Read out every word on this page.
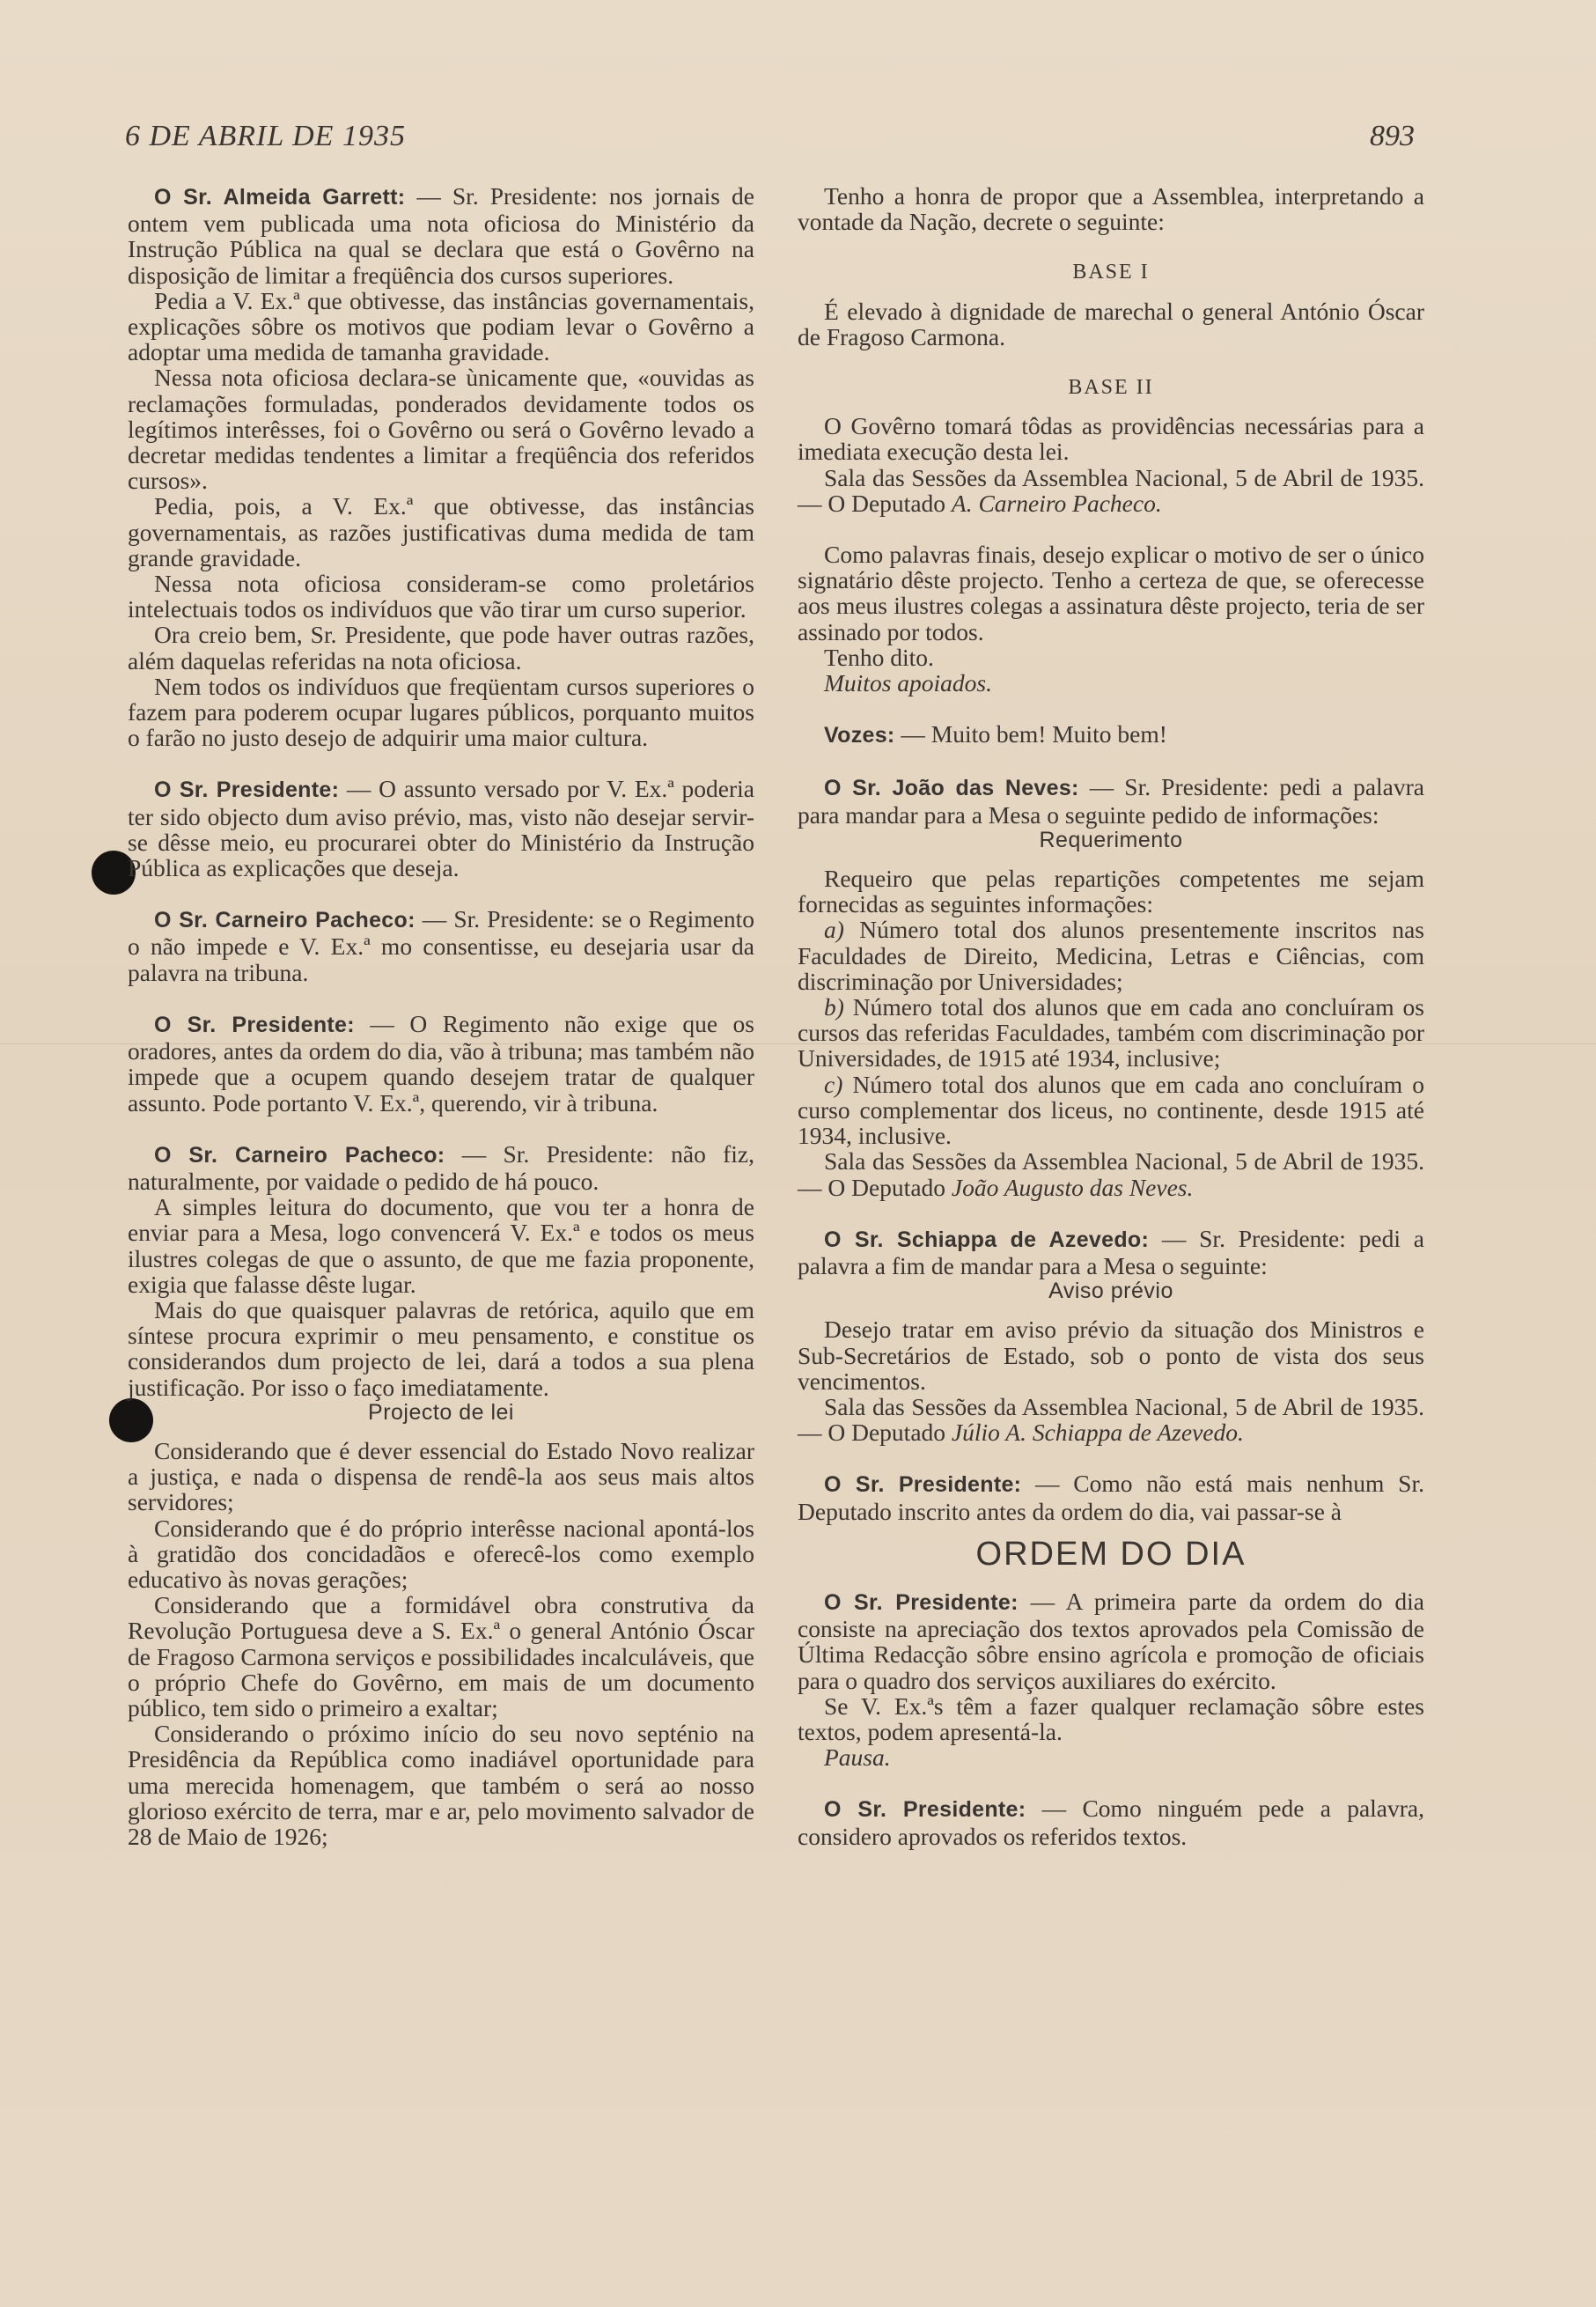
6 DE ABRIL DE 1935	893

O Sr. Almeida Garrett: — Sr. Presidente: nos jornais de ontem vem publicada uma nota oficiosa do Ministério da Instrução Pública na qual se declara que está o Govêrno na disposição de limitar a freqüência dos cursos superiores.

Pedia a V. Ex.ª que obtivesse, das instâncias governamentais, explicações sôbre os motivos que podiam levar o Govêrno a adoptar uma medida de tamanha gravidade.

Nessa nota oficiosa declara-se ùnicamente que, «ouvidas as reclamações formuladas, ponderados devidamente todos os legítimos interêsses, foi o Govêrno ou será o Govêrno levado a decretar medidas tendentes a limitar a freqüência dos referidos cursos».

Pedia, pois, a V. Ex.ª que obtivesse, das instâncias governamentais, as razões justificativas duma medida de tam grande gravidade.

Nessa nota oficiosa consideram-se como proletários intelectuais todos os indivíduos que vão tirar um curso superior.

Ora creio bem, Sr. Presidente, que pode haver outras razões, além daquelas referidas na nota oficiosa.

Nem todos os indivíduos que freqüentam cursos superiores o fazem para poderem ocupar lugares públicos, porquanto muitos o farão no justo desejo de adquirir uma maior cultura.

O Sr. Presidente: — O assunto versado por V. Ex.ª poderia ter sido objecto dum aviso prévio, mas, visto não desejar servir-se dêsse meio, eu procurarei obter do Ministério da Instrução Pública as explicações que deseja.

O Sr. Carneiro Pacheco: — Sr. Presidente: se o Regimento o não impede e V. Ex.ª mo consentisse, eu desejaria usar da palavra na tribuna.

O Sr. Presidente: — O Regimento não exige que os oradores, antes da ordem do dia, vão à tribuna; mas também não impede que a ocupem quando desejem tratar de qualquer assunto. Pode portanto V. Ex.ª, querendo, vir à tribuna.

O Sr. Carneiro Pacheco: — Sr. Presidente: não fiz, naturalmente, por vaidade o pedido de há pouco.

A simples leitura do documento, que vou ter a honra de enviar para a Mesa, logo convencerá V. Ex.ª e todos os meus ilustres colegas de que o assunto, de que me fazia proponente, exigia que falasse dêste lugar.

Mais do que quaisquer palavras de retórica, aquilo que em síntese procura exprimir o meu pensamento, e constitue os considerandos dum projecto de lei, dará a todos a sua plena justificação. Por isso o faço imediatamente.

Projecto de lei

Considerando que é dever essencial do Estado Novo realizar a justiça, e nada o dispensa de rendê-la aos seus mais altos servidores;

Considerando que é do próprio interêsse nacional apontá-los à gratidão dos concidadãos e oferecê-los como exemplo educativo às novas gerações;

Considerando que a formidável obra construtiva da Revolução Portuguesa deve a S. Ex.ª o general António Óscar de Fragoso Carmona serviços e possibilidades incalculáveis, que o próprio Chefe do Govêrno, em mais de um documento público, tem sido o primeiro a exaltar;

Considerando o próximo início do seu novo septénio na Presidência da República como inadiável oportunidade para uma merecida homenagem, que também o será ao nosso glorioso exército de terra, mar e ar, pelo movimento salvador de 28 de Maio de 1926;

Tenho a honra de propor que a Assemblea, interpretando a vontade da Nação, decrete o seguinte:

BASE I

É elevado à dignidade de marechal o general António Óscar de Fragoso Carmona.

BASE II

O Govêrno tomará tôdas as providências necessárias para a imediata execução desta lei.

Sala das Sessões da Assemblea Nacional, 5 de Abril de 1935. — O Deputado A. Carneiro Pacheco.

Como palavras finais, desejo explicar o motivo de ser o único signatário dêste projecto. Tenho a certeza de que, se oferecesse aos meus ilustres colegas a assinatura dêste projecto, teria de ser assinado por todos.

Tenho dito.

Muitos apoiados.

Vozes: — Muito bem! Muito bem!

O Sr. João das Neves: — Sr. Presidente: pedi a palavra para mandar para a Mesa o seguinte pedido de informações:

Requerimento

Requeiro que pelas repartições competentes me sejam fornecidas as seguintes informações:

a) Número total dos alunos presentemente inscritos nas Faculdades de Direito, Medicina, Letras e Ciências, com discriminação por Universidades;

b) Número total dos alunos que em cada ano concluíram os cursos das referidas Faculdades, também com discriminação por Universidades, de 1915 até 1934, inclusive;

c) Número total dos alunos que em cada ano concluíram o curso complementar dos liceus, no continente, desde 1915 até 1934, inclusive.

Sala das Sessões da Assemblea Nacional, 5 de Abril de 1935. — O Deputado João Augusto das Neves.

O Sr. Schiappa de Azevedo: — Sr. Presidente: pedi a palavra a fim de mandar para a Mesa o seguinte:

Aviso prévio

Desejo tratar em aviso prévio da situação dos Ministros e Sub-Secretários de Estado, sob o ponto de vista dos seus vencimentos.

Sala das Sessões da Assemblea Nacional, 5 de Abril de 1935. — O Deputado Júlio A. Schiappa de Azevedo.

O Sr. Presidente: — Como não está mais nenhum Sr. Deputado inscrito antes da ordem do dia, vai passar-se à

ORDEM DO DIA

O Sr. Presidente: — A primeira parte da ordem do dia consiste na apreciação dos textos aprovados pela Comissão de Última Redacção sôbre ensino agrícola e promoção de oficiais para o quadro dos serviços auxiliares do exército.

Se V. Ex.ªs têm a fazer qualquer reclamação sôbre estes textos, podem apresentá-la.

Pausa.

O Sr. Presidente: — Como ninguém pede a palavra, considero aprovados os referidos textos.
